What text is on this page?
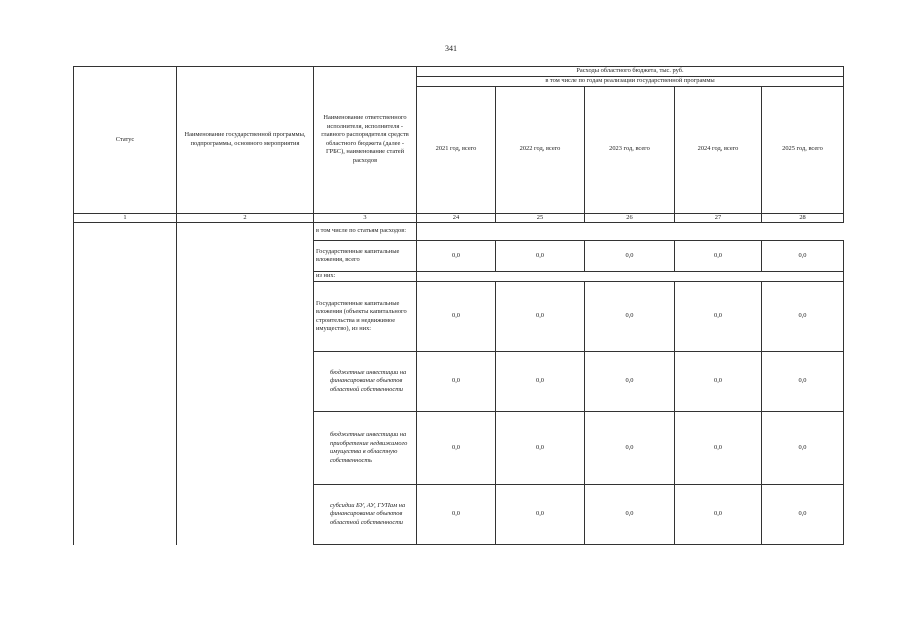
341
Статус	Наименование государственной программы, подпрограммы, основного мероприятия	Наименование ответственного исполнителя, исполнителя - главного распорядителя средств областного бюджета (далее - ГРБС), наименование статей расходов	Расходы областного бюджета, тыс. руб.				
			в том числе по годам реализации государственной программы				
			2021 год, всего	2022 год, всего	2023 год, всего	2024 год, всего	2025 год, всего
1	2	3	24	25	26	27	28
		в том числе по статьям расходов:					
		Государственные капитальные вложения, всего	0,0	0,0	0,0	0,0	0,0
		из них:					
		Государственные капитальные вложения (объекты капитального строительства и недвижимое имущество), из них:	0,0	0,0	0,0	0,0	0,0
		бюджетные инвестиции на финансирование объектов областной собственности	0,0	0,0	0,0	0,0	0,0
		бюджетные инвестиции на приобретение недвижимого имущества в областную собственность	0,0	0,0	0,0	0,0	0,0
		субсидии БУ, АУ, ГУПам на финансирование объектов областной собственности	0,0	0,0	0,0	0,0	0,0
